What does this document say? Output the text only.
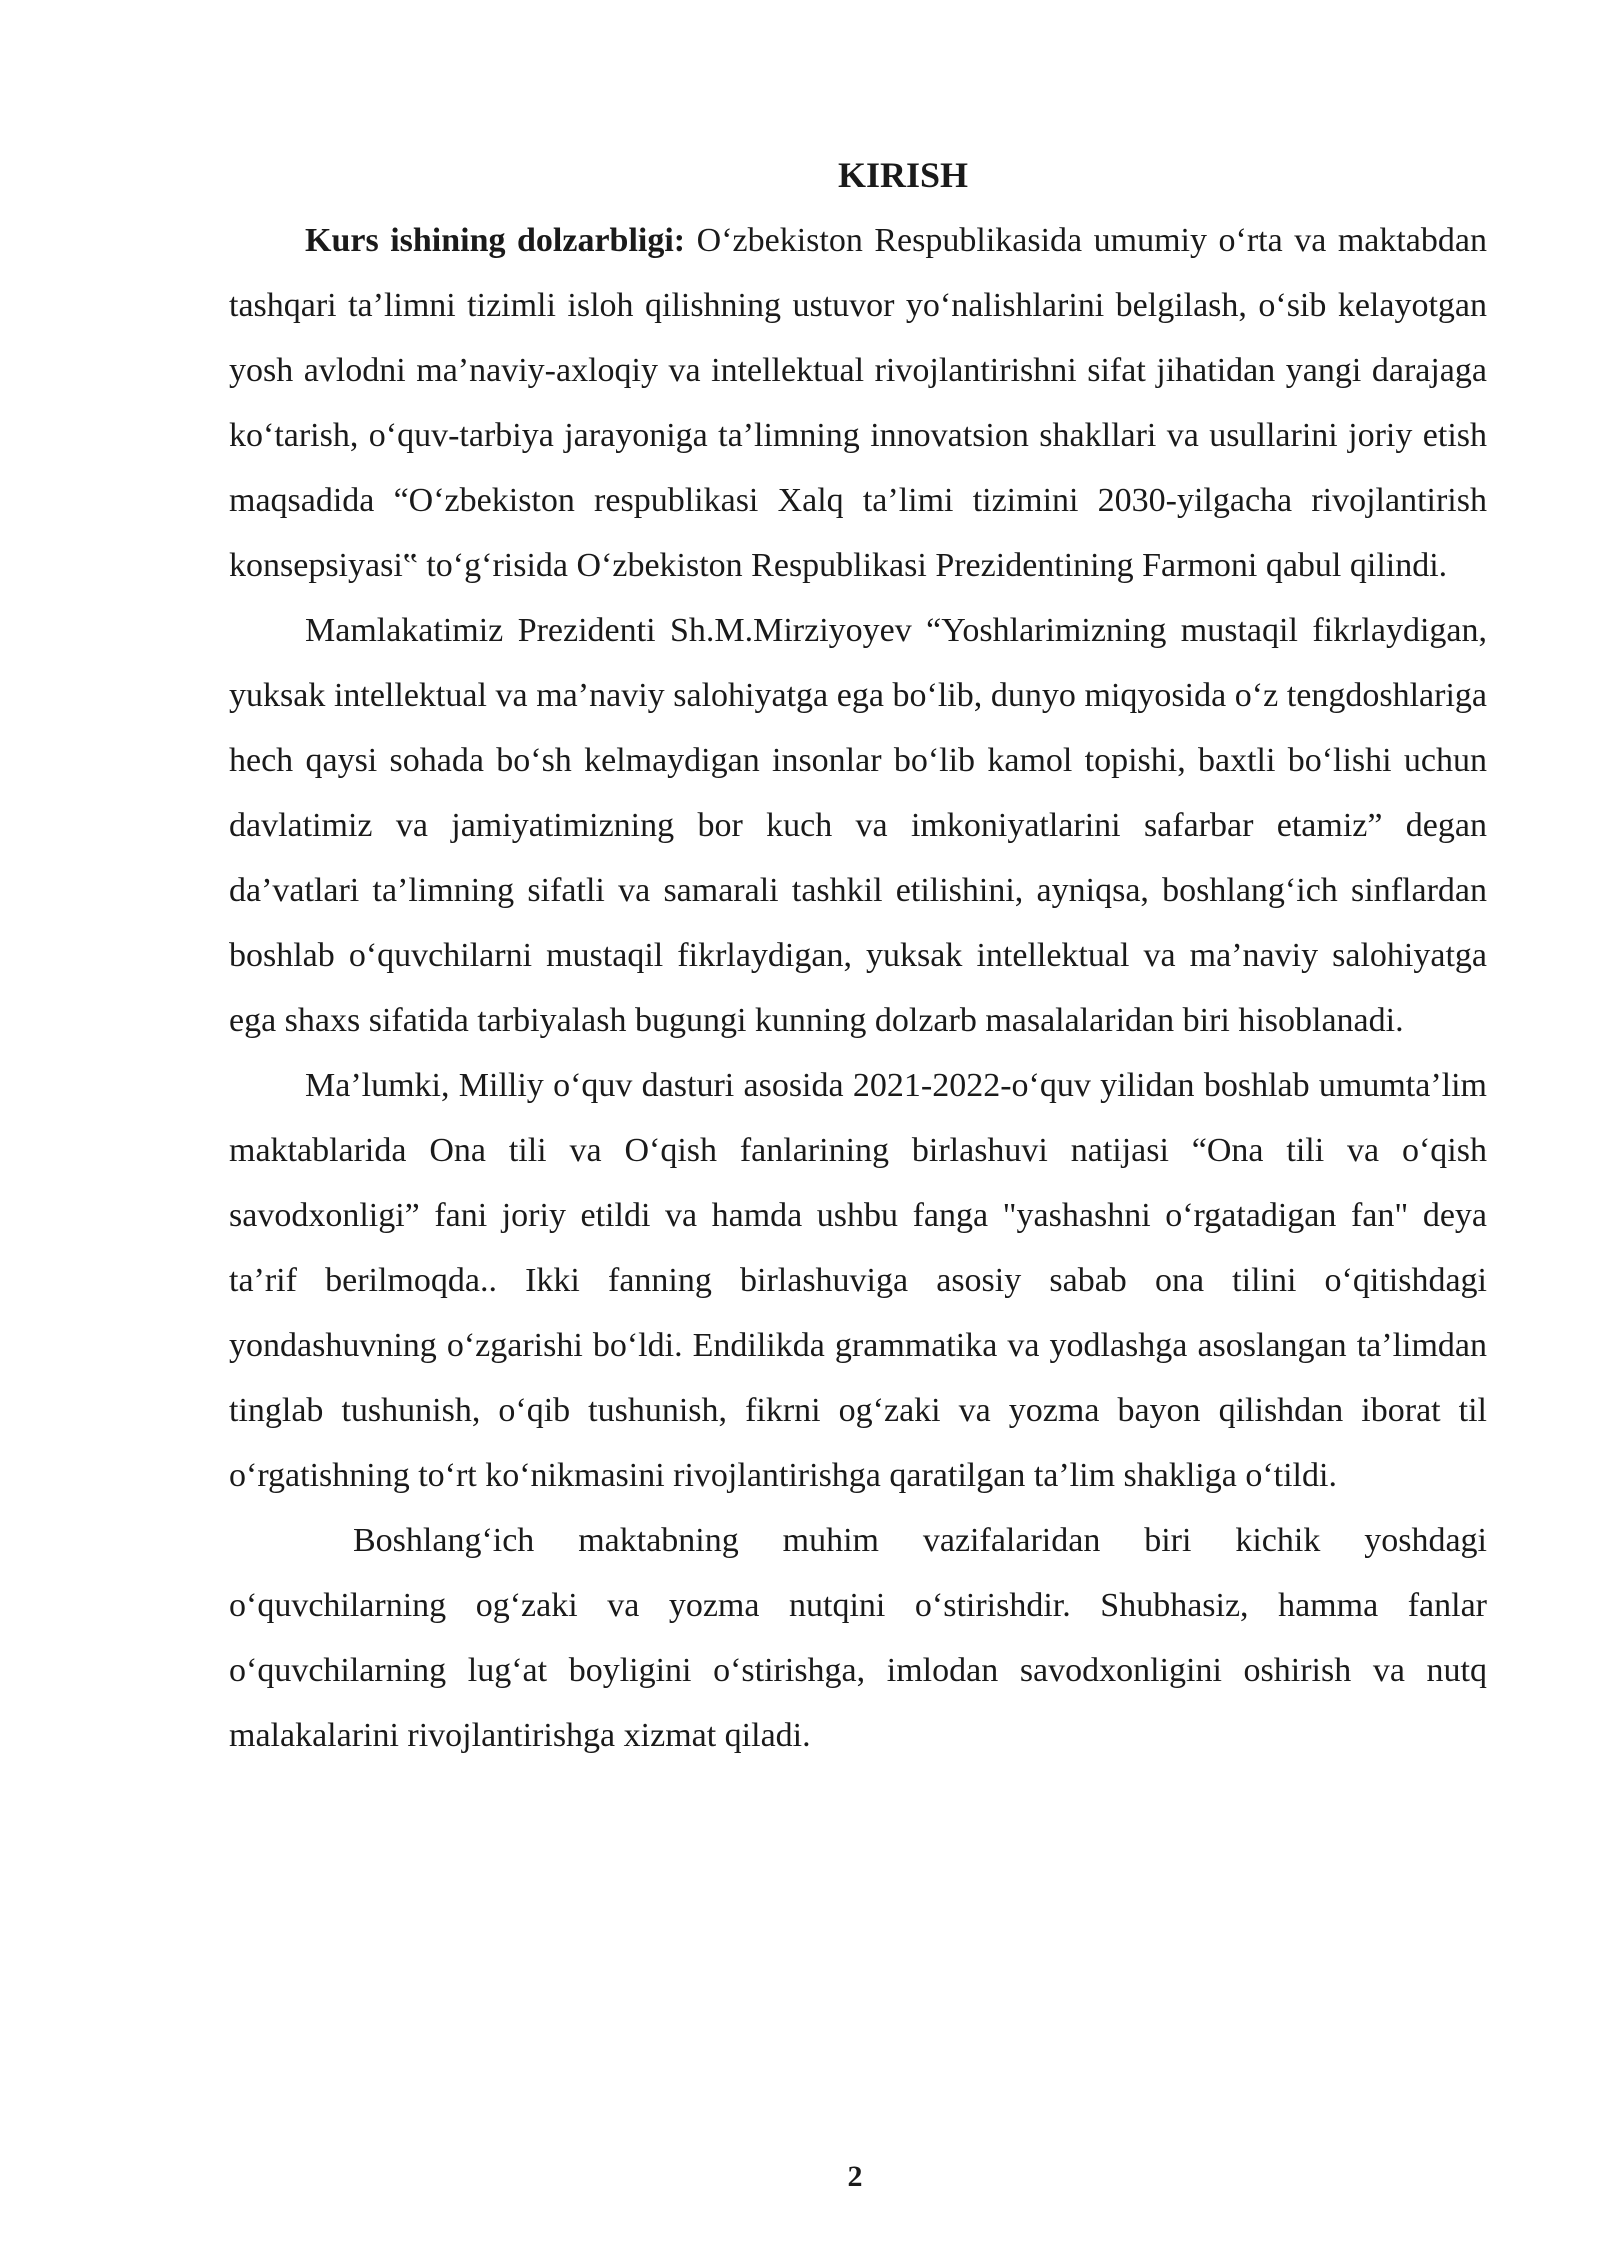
KIRISH

Kurs ishining dolzarbligi: O‘zbekiston Respublikasida umumiy o‘rta va maktabdan tashqari ta’limni tizimli isloh qilishning ustuvor yo‘nalishlarini belgilash, o‘sib kelayotgan yosh avlodni ma’naviy-axloqiy va intellektual rivojlantirishni sifat jihatidan yangi darajaga ko‘tarish, o‘quv-tarbiya jarayoniga ta’limning innovatsion shakllari va usullarini joriy etish maqsadida “O‘zbekiston respublikasi Xalq ta’limi tizimini 2030-yilgacha rivojlantirish konsepsiyasi‟ to‘g‘risida O‘zbekiston Respublikasi Prezidentining Farmoni qabul qilindi.

Mamlakatimiz Prezidenti Sh.M.Mirziyoyev “Yoshlarimizning mustaqil fikrlaydigan, yuksak intellektual va ma’naviy salohiyatga ega bo‘lib, dunyo miqyosida o‘z tengdoshlariga hech qaysi sohada bo‘sh kelmaydigan insonlar bo‘lib kamol topishi, baxtli bo‘lishi uchun davlatimiz va jamiyatimizning bor kuch va imkoniyatlarini safarbar etamiz” degan da’vatlari ta’limning sifatli va samarali tashkil etilishini, ayniqsa, boshlang‘ich sinflardan boshlab o‘quvchilarni mustaqil fikrlaydigan, yuksak intellektual va ma’naviy salohiyatga ega shaxs sifatida tarbiyalash bugungi kunning dolzarb masalalaridan biri hisoblanadi.

Ma’lumki, Milliy o‘quv dasturi asosida 2021-2022-o‘quv yilidan boshlab umumta’lim maktablarida Ona tili va O‘qish fanlarining birlashuvi natijasi “Ona tili va o‘qish savodxonligi” fani joriy etildi va hamda ushbu fanga "yashashni o‘rgatadigan fan" deya ta’rif berilmoqda.. Ikki fanning birlashuviga asosiy sabab ona tilini o‘qitishdagi yondashuvning o‘zgarishi bo‘ldi. Endilikda grammatika va yodlashga asoslangan ta’limdan tinglab tushunish, o‘qib tushunish, fikrni og‘zaki va yozma bayon qilishdan iborat til o‘rgatishning to‘rt ko‘nikmasini rivojlantirishga qaratilgan ta’lim shakliga o‘tildi.

Boshlang‘ich maktabning muhim vazifalaridan biri kichik yoshdagi o‘quvchilarning og‘zaki va yozma nutqini o‘stirishdir. Shubhasiz, hamma fanlar o‘quvchilarning lug‘at boyligini o‘stirishga, imlodan savodxonligini oshirish va nutq malakalarini rivojlantirishga xizmat qiladi.

2
